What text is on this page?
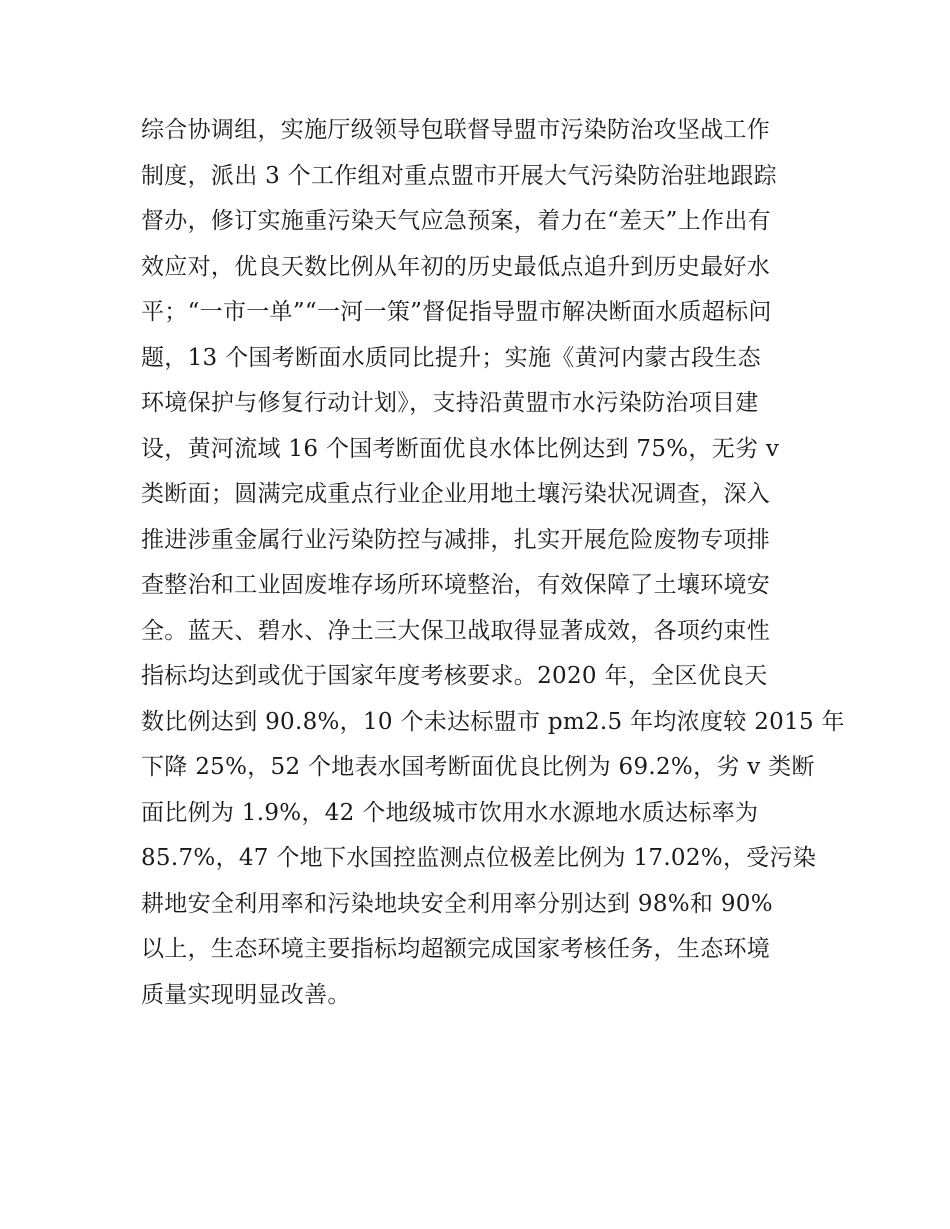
综合协调组，实施厅级领导包联督导盟市污染防治攻坚战工作
制度，派出 3 个工作组对重点盟市开展大气污染防治驻地跟踪
督办，修订实施重污染天气应急预案，着力在“差天”上作出有
效应对，优良天数比例从年初的历史最低点追升到历史最好水
平；“一市一单”“一河一策”督促指导盟市解决断面水质超标问
题，13 个国考断面水质同比提升；实施《黄河内蒙古段生态
环境保护与修复行动计划》，支持沿黄盟市水污染防治项目建
设，黄河流域 16 个国考断面优良水体比例达到 75%，无劣 v
类断面；圆满完成重点行业企业用地土壤污染状况调查，深入
推进涉重金属行业污染防控与减排，扎实开展危险废物专项排
查整治和工业固废堆存场所环境整治，有效保障了土壤环境安
全。蓝天、碧水、净土三大保卫战取得显著成效，各项约束性
指标均达到或优于国家年度考核要求。2020 年，全区优良天
数比例达到 90.8%，10 个未达标盟市 pm2.5 年均浓度较 2015 年
下降 25%，52 个地表水国考断面优良比例为 69.2%，劣 v 类断
面比例为 1.9%，42 个地级城市饮用水水源地水质达标率为
85.7%，47 个地下水国控监测点位极差比例为 17.02%，受污染
耕地安全利用率和污染地块安全利用率分别达到 98%和 90%
以上，生态环境主要指标均超额完成国家考核任务，生态环境
质量实现明显改善。
